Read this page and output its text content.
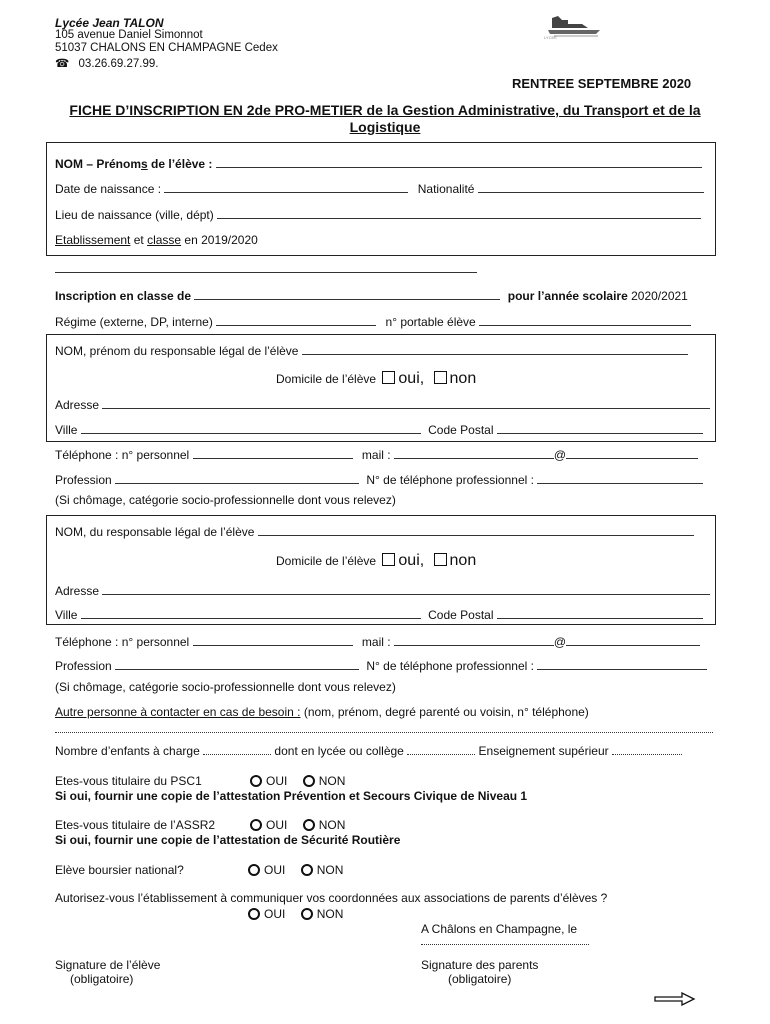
Lycée Jean TALON
105 avenue Daniel Simonnot
51037 CHALONS EN CHAMPAGNE Cedex
☎ 03.26.69.27.99.
LYCEE
RENTREE SEPTEMBRE 2020
FICHE D’INSCRIPTION EN 2de PRO-METIER de la Gestion Administrative, du Transport et de la Logistique
NOM – Prénoms de l’élève :
Date de naissance :	Nationalité
Lieu de naissance (ville, dépt)
Etablissement et classe en 2019/2020
Inscription en classe de	pour l’année scolaire 2020/2021
Régime (externe, DP, interne)	n° portable élève
NOM, prénom du responsable légal de l’élève
Domicile de l’élève oui, non
Adresse
Ville	Code Postal
Téléphone : n° personnel	mail :	@
Profession	N° de téléphone professionnel :
(Si chômage, catégorie socio-professionnelle dont vous relevez)
NOM, du responsable légal de l’élève
Domicile de l’élève oui, non
Adresse
Ville	Code Postal
Téléphone : n° personnel	mail :	@
Profession	N° de téléphone professionnel :
(Si chômage, catégorie socio-professionnelle dont vous relevez)
Autre personne à contacter en cas de besoin : (nom, prénom, degré parenté ou voisin, n° téléphone)
Nombre d’enfants à charge	dont en lycée ou collège	Enseignement supérieur
Etes-vous titulaire du PSC1	OUI	NON
Si oui, fournir une copie de l’attestation Prévention et Secours Civique de Niveau 1
Etes-vous titulaire de l’ASSR2	OUI	NON
Si oui, fournir une copie de l’attestation de Sécurité Routière
Elève boursier national?	OUI	NON
Autorisez-vous l’établissement à communiquer vos coordonnées aux associations de parents d’élèves ?
OUI	NON
A Châlons en Champagne, le
Signature de l’élève
(obligatoire)
Signature des parents
(obligatoire)
